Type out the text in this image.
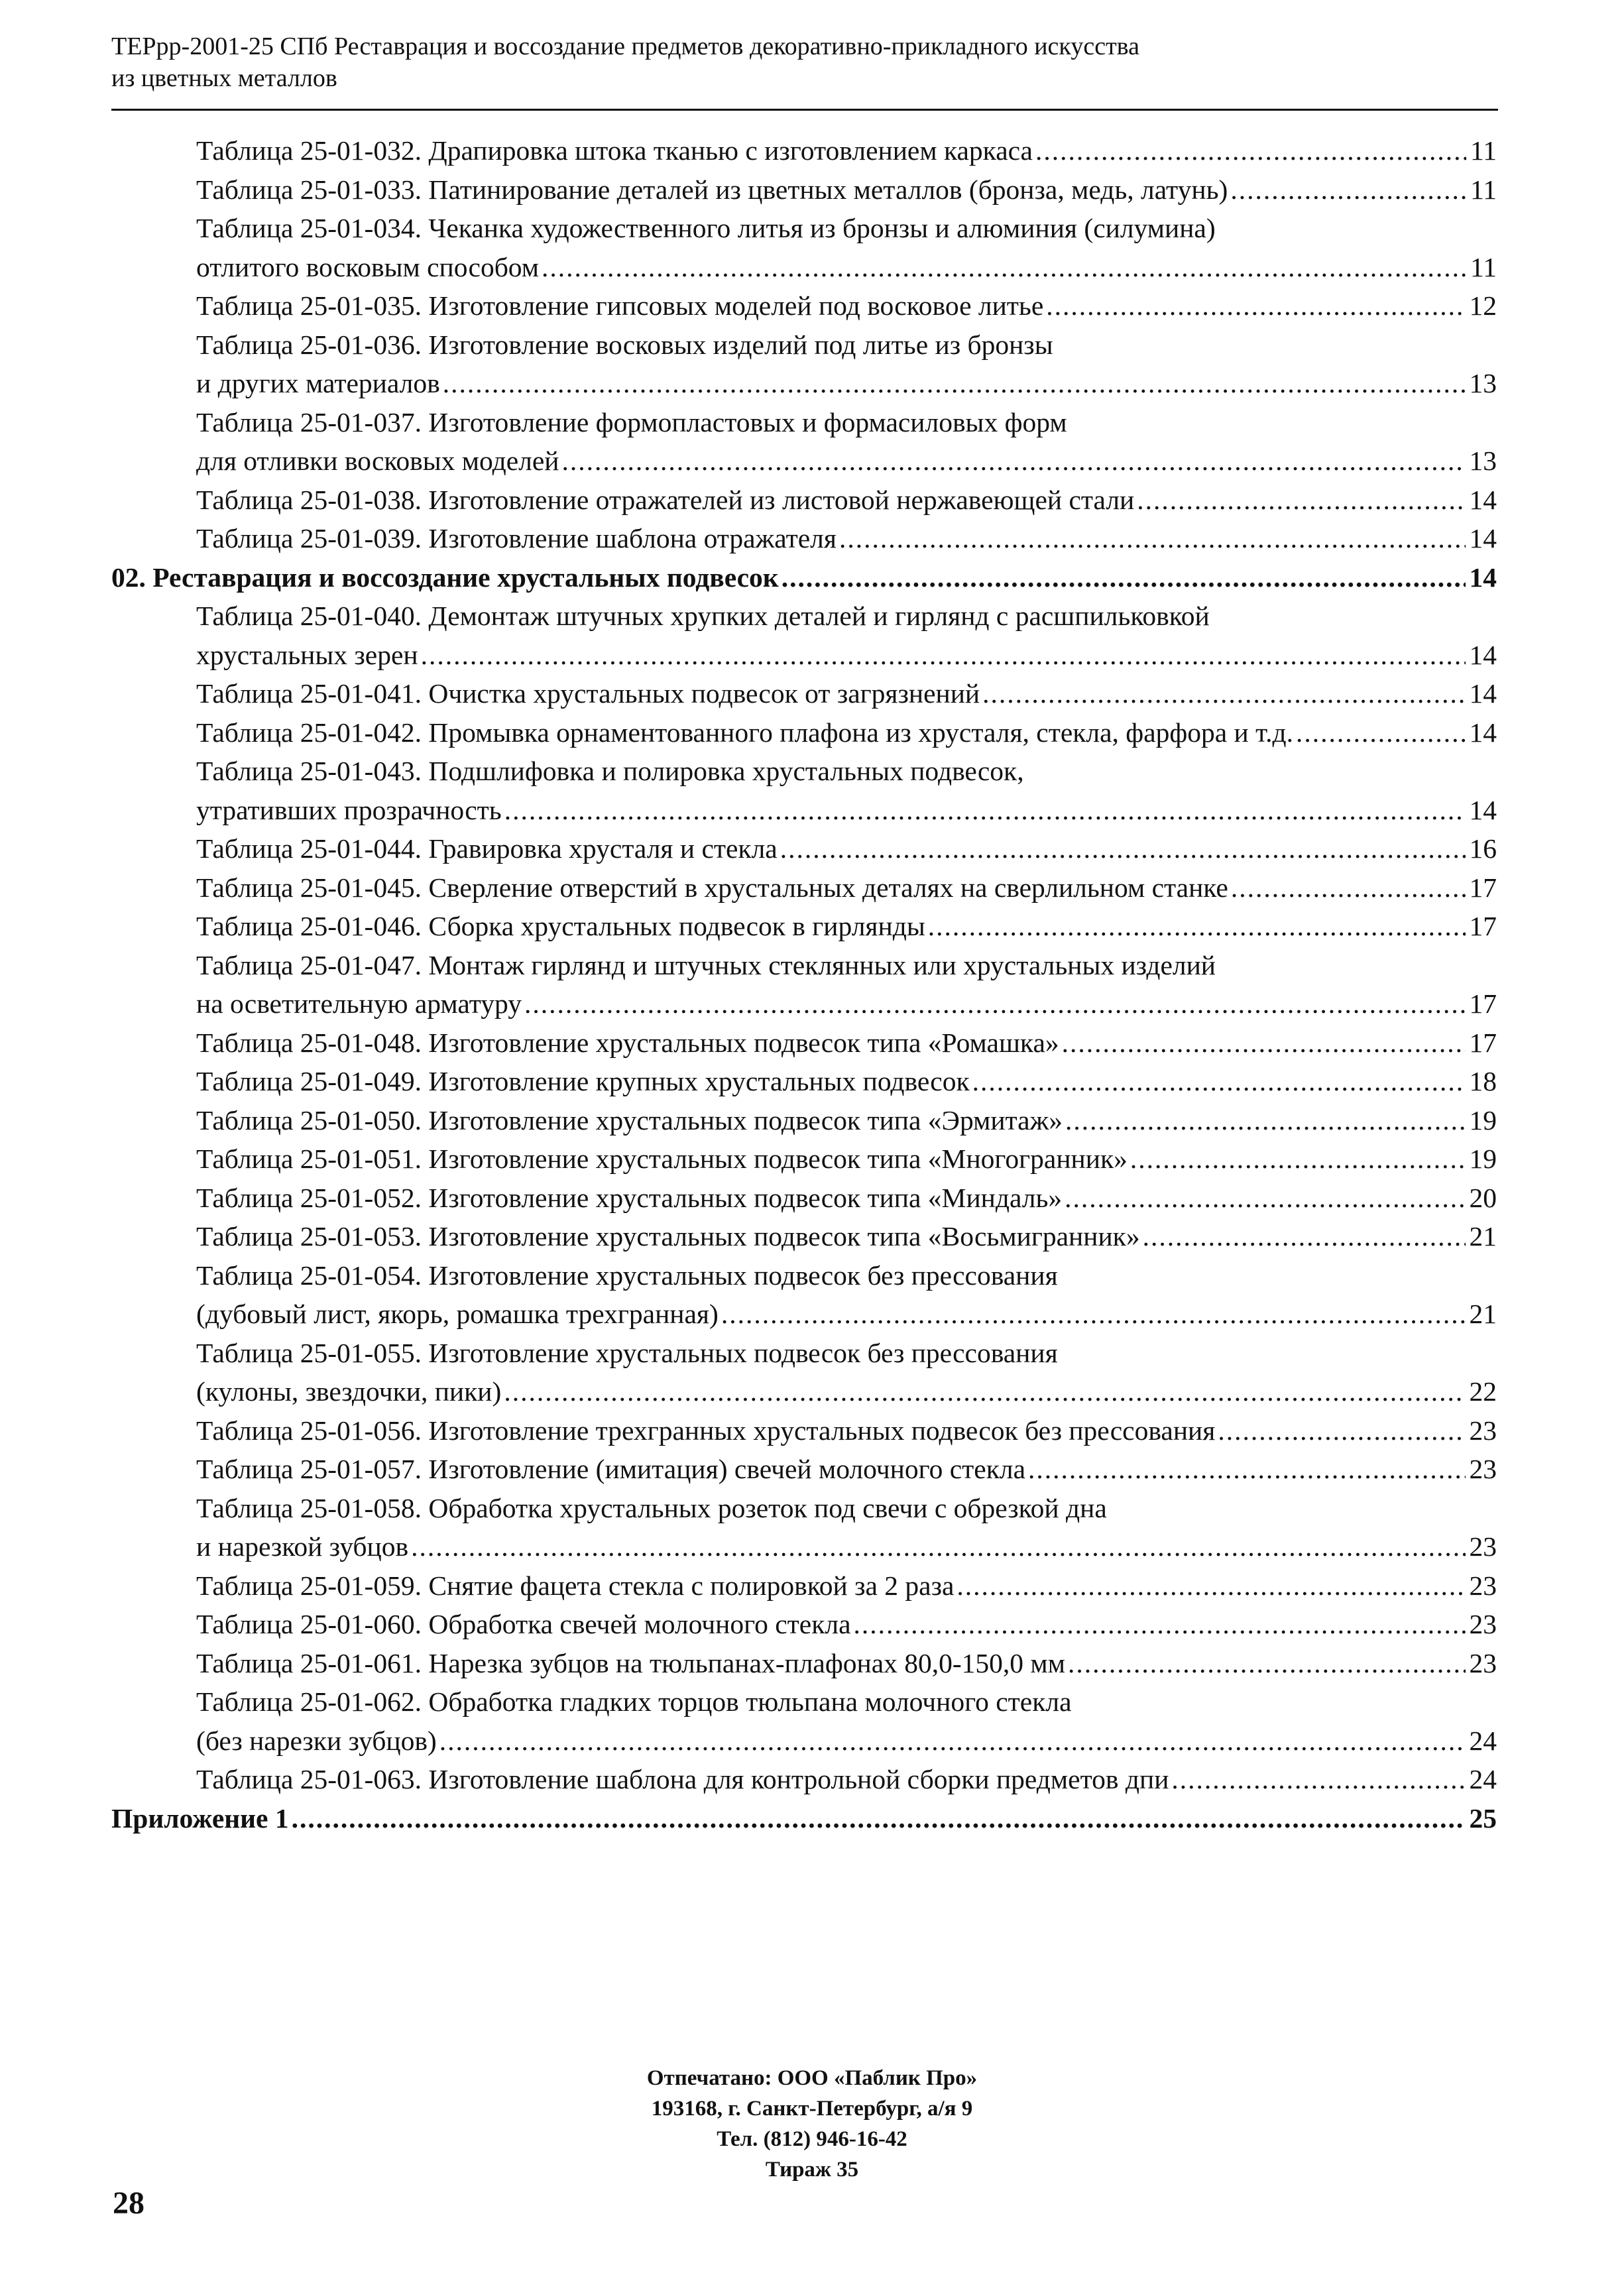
ТЕРрр-2001-25 СПб Реставрация и воссоздание предметов декоративно-прикладного искусства
из цветных металлов
Таблица 25-01-032. Драпировка штока тканью с изготовлением каркаса .....	11
Таблица 25-01-033. Патинирование деталей из цветных металлов (бронза, медь, латунь) .....	11
Таблица 25-01-034. Чеканка художественного литья из бронзы и алюминия (силумина)
отлитого восковым способом .....	11
Таблица 25-01-035. Изготовление гипсовых моделей под восковое литье .....	12
Таблица 25-01-036. Изготовление восковых изделий под литье из бронзы
и других материалов .....	13
Таблица 25-01-037. Изготовление формопластовых и формасиловых форм
для отливки восковых моделей .....	13
Таблица 25-01-038. Изготовление отражателей из листовой нержавеющей стали .....	14
Таблица 25-01-039. Изготовление шаблона отражателя .....	14
02. Реставрация и воссоздание хрустальных подвесок .....	14
Таблица 25-01-040. Демонтаж штучных хрупких деталей и гирлянд с расшпильковкой
хрустальных зерен .....	14
Таблица 25-01-041. Очистка хрустальных подвесок от загрязнений .....	14
Таблица 25-01-042. Промывка орнаментованного плафона из хрусталя, стекла, фарфора и т.д. .....	14
Таблица 25-01-043. Подшлифовка и полировка хрустальных подвесок,
утративших прозрачность .....	14
Таблица 25-01-044. Гравировка хрусталя и стекла .....	16
Таблица 25-01-045. Сверление отверстий в хрустальных деталях на сверлильном станке .....	17
Таблица 25-01-046. Сборка хрустальных подвесок в гирлянды .....	17
Таблица 25-01-047. Монтаж гирлянд и штучных стеклянных или хрустальных изделий
на осветительную арматуру .....	17
Таблица 25-01-048. Изготовление хрустальных подвесок типа «Ромашка» .....	17
Таблица 25-01-049. Изготовление крупных хрустальных подвесок .....	18
Таблица 25-01-050. Изготовление хрустальных подвесок типа «Эрмитаж» .....	19
Таблица 25-01-051. Изготовление хрустальных подвесок типа «Многогранник» .....	19
Таблица 25-01-052. Изготовление хрустальных подвесок типа «Миндаль» .....	20
Таблица 25-01-053. Изготовление хрустальных подвесок типа «Восьмигранник» .....	21
Таблица 25-01-054. Изготовление хрустальных подвесок без прессования
(дубовый лист, якорь, ромашка трехгранная) .....	21
Таблица 25-01-055. Изготовление хрустальных подвесок без прессования
(кулоны, звездочки, пики) .....	22
Таблица 25-01-056. Изготовление трехгранных хрустальных подвесок без прессования .....	23
Таблица 25-01-057. Изготовление (имитация) свечей молочного стекла .....	23
Таблица 25-01-058. Обработка хрустальных розеток под свечи с обрезкой дна
и нарезкой зубцов .....	23
Таблица 25-01-059. Снятие фацета стекла с полировкой за 2 раза .....	23
Таблица 25-01-060. Обработка свечей молочного стекла .....	23
Таблица 25-01-061. Нарезка зубцов на тюльпанах-плафонах 80,0-150,0 мм .....	23
Таблица 25-01-062. Обработка гладких торцов тюльпана молочного стекла
(без нарезки зубцов) .....	24
Таблица 25-01-063. Изготовление шаблона для контрольной сборки предметов дпи .....	24
Приложение 1 .....	25
Отпечатано: ООО «Паблик Про»
193168, г. Санкт-Петербург, а/я 9
Тел. (812) 946-16-42
Тираж 35
28
